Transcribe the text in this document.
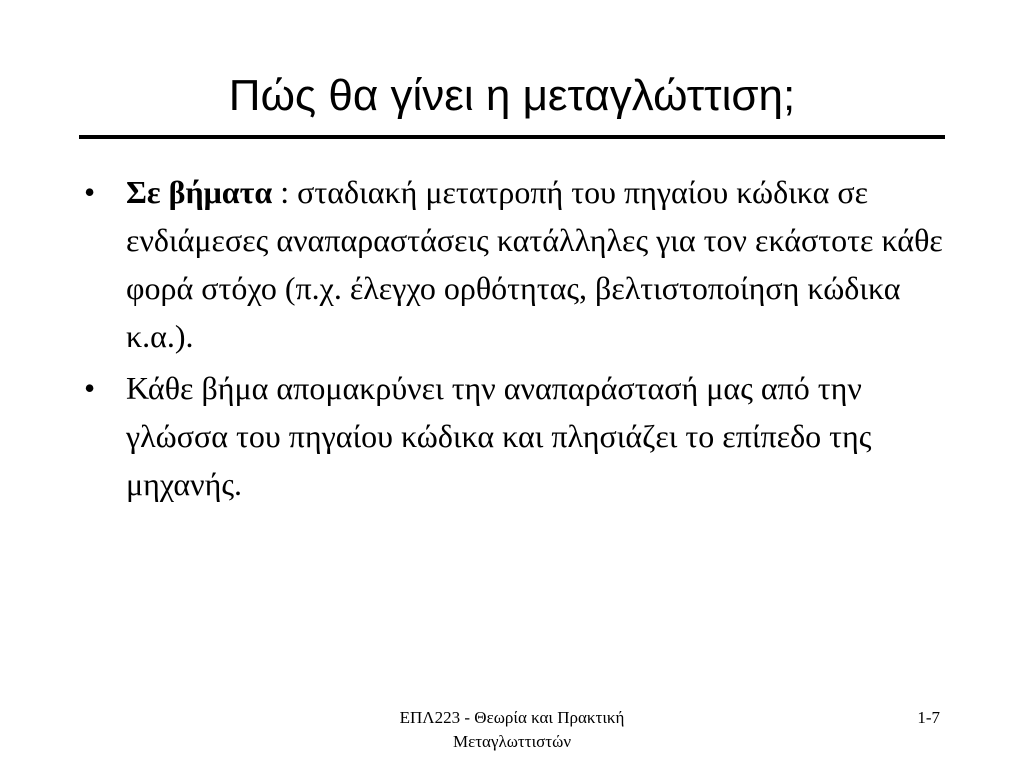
Πώς θα γίνει η μεταγλώττιση;
• Σε βήματα : σταδιακή μετατροπή του πηγαίου κώδικα σε ενδιάμεσες αναπαραστάσεις κατάλληλες για τον εκάστοτε κάθε φορά στόχο (π.χ. έλεγχο ορθότητας, βελτιστοποίηση κώδικα κ.α.).
• Κάθε βήμα απομακρύνει την αναπαράστασή μας από την γλώσσα του πηγαίου κώδικα και πλησιάζει το επίπεδο της μηχανής.
ΕΠΛ223 - Θεωρία και Πρακτική
Μεταγλωττιστών
1-7
